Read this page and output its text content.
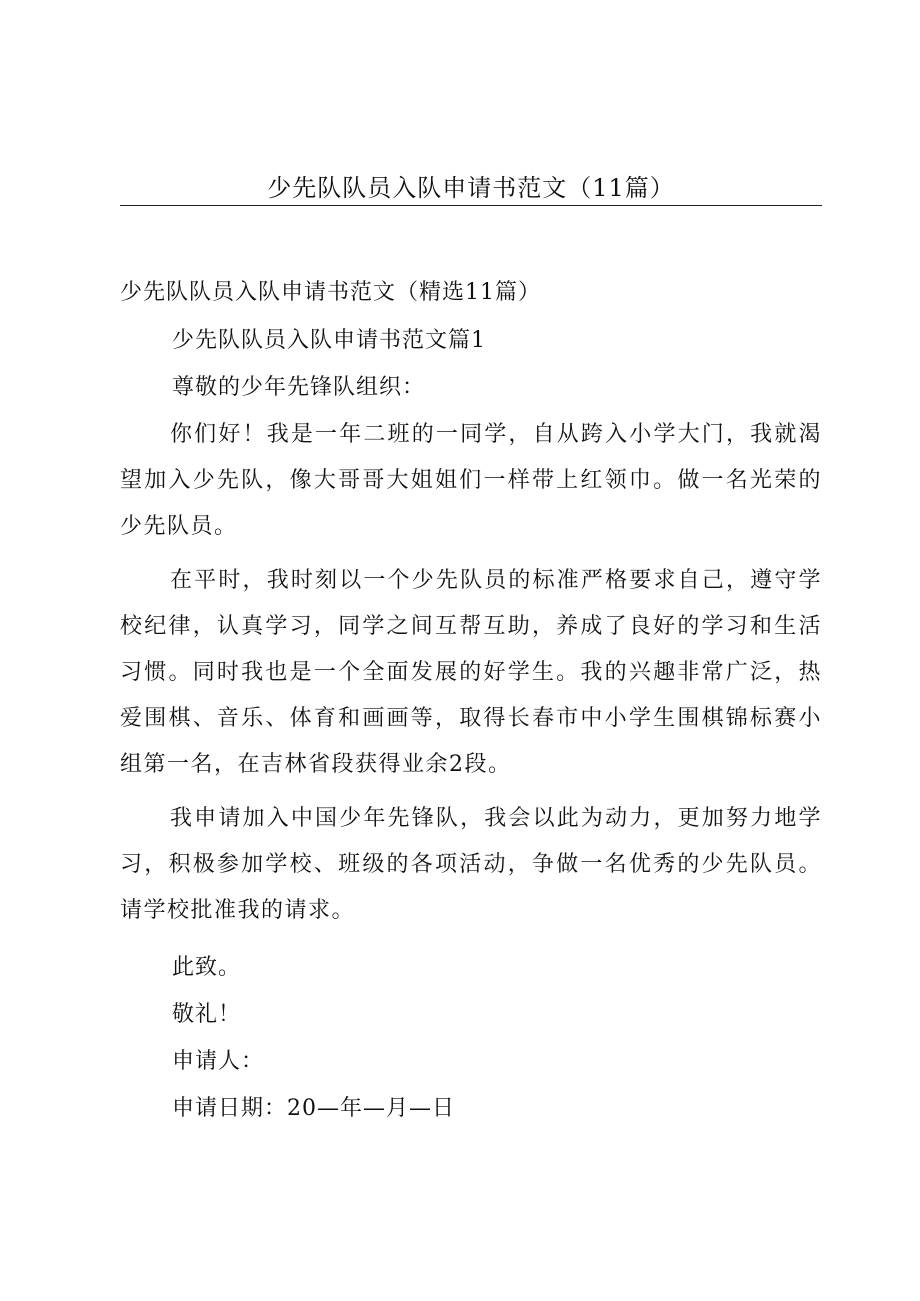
少先队队员入队申请书范文（11篇）
少先队队员入队申请书范文（精选11篇）
少先队队员入队申请书范文篇1
尊敬的少年先锋队组织：
你们好！我是一年二班的一同学，自从跨入小学大门，我就渴望加入少先队，像大哥哥大姐姐们一样带上红领巾。做一名光荣的少先队员。
在平时，我时刻以一个少先队员的标准严格要求自己，遵守学校纪律，认真学习，同学之间互帮互助，养成了良好的学习和生活习惯。同时我也是一个全面发展的好学生。我的兴趣非常广泛，热爱围棋、音乐、体育和画画等，取得长春市中小学生围棋锦标赛小组第一名，在吉林省段获得业余2段。
我申请加入中国少年先锋队，我会以此为动力，更加努力地学习，积极参加学校、班级的各项活动，争做一名优秀的少先队员。请学校批准我的请求。
此致。
敬礼！
申请人：
申请日期：20—年—月—日
